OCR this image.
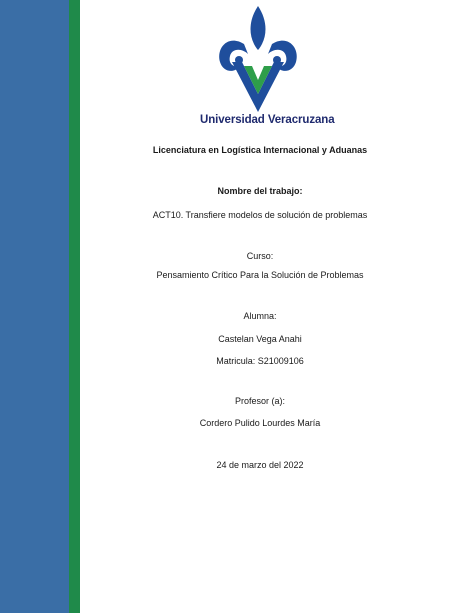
Universidad Veracruzana
Licenciatura en Logística Internacional y Aduanas
Nombre del trabajo:
ACT10. Transfiere modelos de solución de problemas
Curso:
Pensamiento Crítico Para la Solución de Problemas
Alumna:
Castelan Vega Anahi
Matricula: S21009106
Profesor (a):
Cordero Pulido Lourdes María
24 de marzo del 2022
